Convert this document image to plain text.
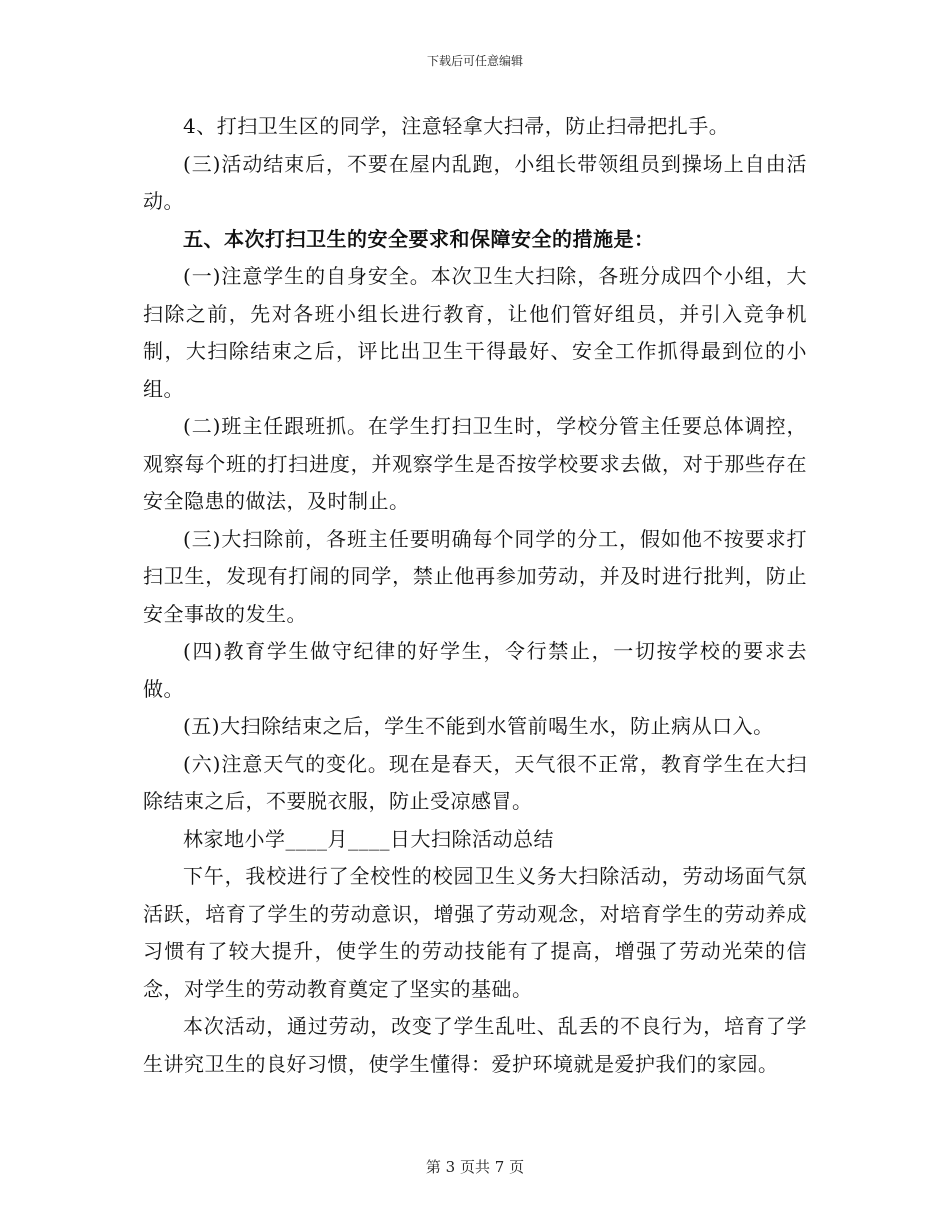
下载后可任意编辑

4、打扫卫生区的同学，注意轻拿大扫帚，防止扫帚把扎手。

(三)活动结束后，不要在屋内乱跑，小组长带领组员到操场上自由活动。

五、本次打扫卫生的安全要求和保障安全的措施是：

(一)注意学生的自身安全。本次卫生大扫除，各班分成四个小组，大扫除之前，先对各班小组长进行教育，让他们管好组员，并引入竞争机制，大扫除结束之后，评比出卫生干得最好、安全工作抓得最到位的小组。

(二)班主任跟班抓。在学生打扫卫生时，学校分管主任要总体调控，观察每个班的打扫进度，并观察学生是否按学校要求去做，对于那些存在安全隐患的做法，及时制止。

(三)大扫除前，各班主任要明确每个同学的分工，假如他不按要求打扫卫生，发现有打闹的同学，禁止他再参加劳动，并及时进行批判，防止安全事故的发生。

(四)教育学生做守纪律的好学生，令行禁止，一切按学校的要求去做。

(五)大扫除结束之后，学生不能到水管前喝生水，防止病从口入。

(六)注意天气的变化。现在是春天，天气很不正常，教育学生在大扫除结束之后，不要脱衣服，防止受凉感冒。

林家地小学____月____日大扫除活动总结

下午，我校进行了全校性的校园卫生义务大扫除活动，劳动场面气氛活跃，培育了学生的劳动意识，增强了劳动观念，对培育学生的劳动养成习惯有了较大提升，使学生的劳动技能有了提高，增强了劳动光荣的信念，对学生的劳动教育奠定了坚实的基础。

本次活动，通过劳动，改变了学生乱吐、乱丢的不良行为，培育了学生讲究卫生的良好习惯，使学生懂得：爱护环境就是爱护我们的家园。

第 3 页共 7 页
